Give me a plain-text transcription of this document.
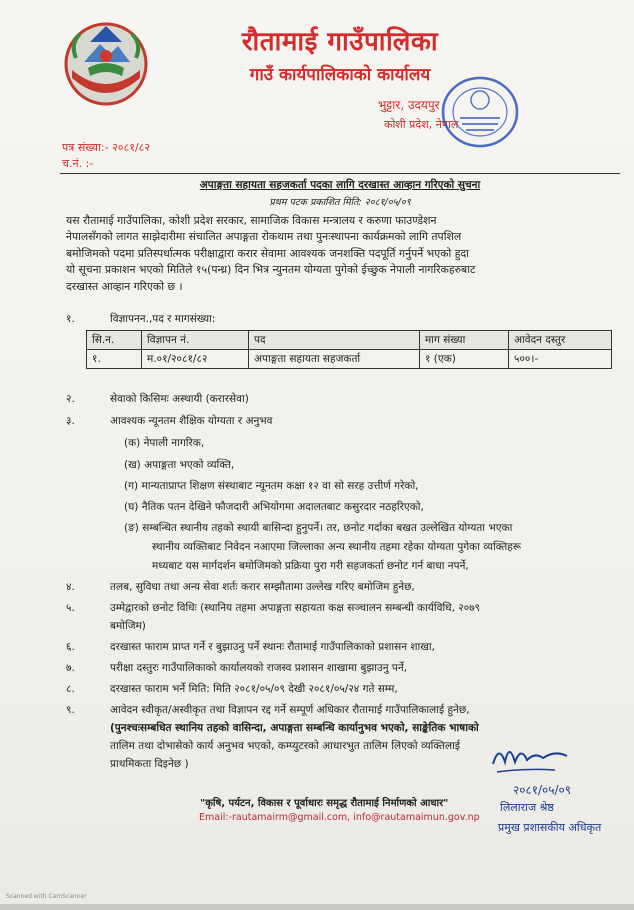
रौतामाई गाउँपालिका
गाउँ कार्यपालिकाको कार्यालय
भुट्टार, उदयपुर
कोशी प्रदेश, नेपाल
पत्र संख्या:- २०८१/८२
च.नं. :-
अपाङ्गता सहायता सहजकर्ता पदका लागि दरखास्त आव्हान गरिएको सुचना
प्रथम पटक प्रकाशित मिति: २०८१/०५/०९
यस रौतामाई गाउँपालिका, कोशी प्रदेश सरकार, सामाजिक विकास मन्त्रालय र करुणा फाउण्डेशन
नेपालसँगको लागत साझेदारीमा संचालित अपाङ्गता रोकथाम तथा पुनःस्थापना कार्यक्रमको लागि तपशिल
बमोजिमको पदमा प्रतिस्पर्धात्मक परीक्षाद्वारा करार सेवामा आवश्यक जनशक्ति पदपूर्ति गर्नुपर्ने भएको हुदा
यो सूचना प्रकाशन भएको मितिले १५(पन्ध्र) दिन भित्र न्युनतम योग्यता पुगेको ईच्छुक नेपाली नागरिकहरुबाट
दरखास्त आव्हान गरिएको छ ।
१.	विज्ञापनन.,पद र मागसंख्या:
सि.न.	विज्ञापन नं.	पद	माग संख्या	आवेदन दस्तुर
१.	म.०१/२०८१/८२	अपाङ्गता सहायता सहजकर्ता	१ (एक)	५००।-
२.	सेवाको किसिमः अस्थायी (करारसेवा)
३.	आवश्यक न्यूनतम शैक्षिक योग्यता र अनुभव
(क) नेपाली नागरिक,
(ख) अपाङ्गता भएको व्यक्ति,
(ग) मान्यताप्राप्त शिक्षण संस्थाबाट न्यूनतम कक्षा १२ वा सो सरह उत्तीर्ण गरेको,
(घ) नैतिक पतन देखिने फौजदारी अभियोगमा अदालतबाट कसुरदार नठहरिएको,
(ङ) सम्बन्धित स्थानीय तहको स्थायी बासिन्दा हुनुपर्ने। तर, छनोट गर्दाका बखत उल्लेखित योग्यता भएका
स्थानीय व्यक्तिबाट निवेदन नआएमा जिल्लाका अन्य स्थानीय तहमा रहेका योग्यता पुगेका व्यक्तिहरू
मध्यबाट यस मार्गदर्शन बमोजिमको प्रक्रिया पुरा गरी सहजकर्ता छनोट गर्न बाधा नपर्ने,
४.	तलब, सुविधा तथा अन्य सेवा शर्तः करार सम्झौतामा उल्लेख गरिए बमोजिम हुनेछ,
५.	उम्मेद्वारको छनोट विधिः (स्थानिय तहमा अपाङ्गता सहायता कक्ष सञ्चालन सम्बन्धी कार्यविधि, २०७९
बमोजिम)
६.	दरखास्त फाराम प्राप्त गर्ने र बुझाउनु पर्ने स्थानः रौतामाई गाउँपालिकाको प्रशासन शाखा,
७.	परीक्षा दस्तुरः गाउँपालिकाको कार्यालयको राजस्व प्रशासन शाखामा बुझाउनु पर्ने,
८.	दरखास्त फाराम भर्ने मिति: मिति २०८१/०५/०९ देखी २०८१/०५/२४ गते सम्म,
९.	आवेदन स्वीकृत/अस्वीकृत तथा विज्ञापन रद्द गर्ने सम्पूर्ण अधिकार रौतामाई गाउँपालिकालाई हुनेछ,
(पुनश्चःसम्बधित स्थानिय तहको वासिन्दा, अपाङ्गता सम्बन्धि कार्यानुभव भएको, साङ्केतिक भाषाको
तालिम तथा दोभासेको कार्य अनुभव भएको, कम्प्युटरको आधारभुत तालिम लिएको व्यक्तिलाई
प्राथमिकता दिइनेछ )
२०८१/०५/०९
"कृषि, पर्यटन, विकास र पूर्वाधारः समृद्ध रौतामाई निर्माणको आधार"
Email:-rautamairm@gmail.com, info@rautamaimun.gov.np
लिलाराज श्रेष्ठ
प्रमुख प्रशासकीय अधिकृत
Scanned with CamScanner
